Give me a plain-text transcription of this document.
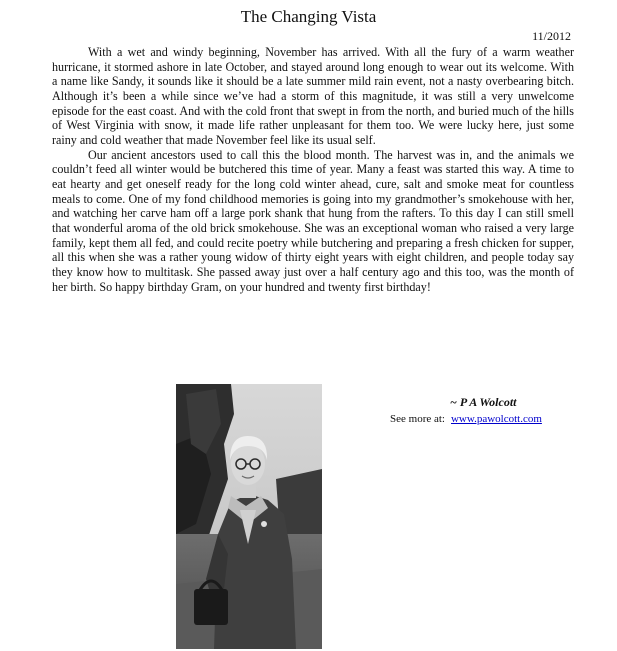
The Changing Vista
11/2012

With a wet and windy beginning, November has arrived. With all the fury of a warm weather hurricane, it stormed ashore in late October, and stayed around long enough to wear out its welcome. With a name like Sandy, it sounds like it should be a late summer mild rain event, not a nasty overbearing bitch. Although it’s been a while since we’ve had a storm of this magnitude, it was still a very unwelcome episode for the east coast. And with the cold front that swept in from the north, and buried much of the hills of West Virginia with snow, it made life rather unpleasant for them too. We were lucky here, just some rainy and cold weather that made November feel like its usual self.

Our ancient ancestors used to call this the blood month. The harvest was in, and the animals we couldn’t feed all winter would be butchered this time of year. Many a feast was started this way. A time to eat hearty and get oneself ready for the long cold winter ahead, cure, salt and smoke meat for countless meals to come. One of my fond childhood memories is going into my grandmother’s smokehouse with her, and watching her carve ham off a large pork shank that hung from the rafters. To this day I can still smell that wonderful aroma of the old brick smokehouse. She was an exceptional woman who raised a very large family, kept them all fed, and could recite poetry while butchering and preparing a fresh chicken for supper, all this when she was a rather young widow of thirty eight years with eight children, and people today say they know how to multitask. She passed away just over a half century ago and this too, was the month of her birth. So happy birthday Gram, on your hundred and twenty first birthday!

~ P A Wolcott
See more at: www.pawolcott.com
